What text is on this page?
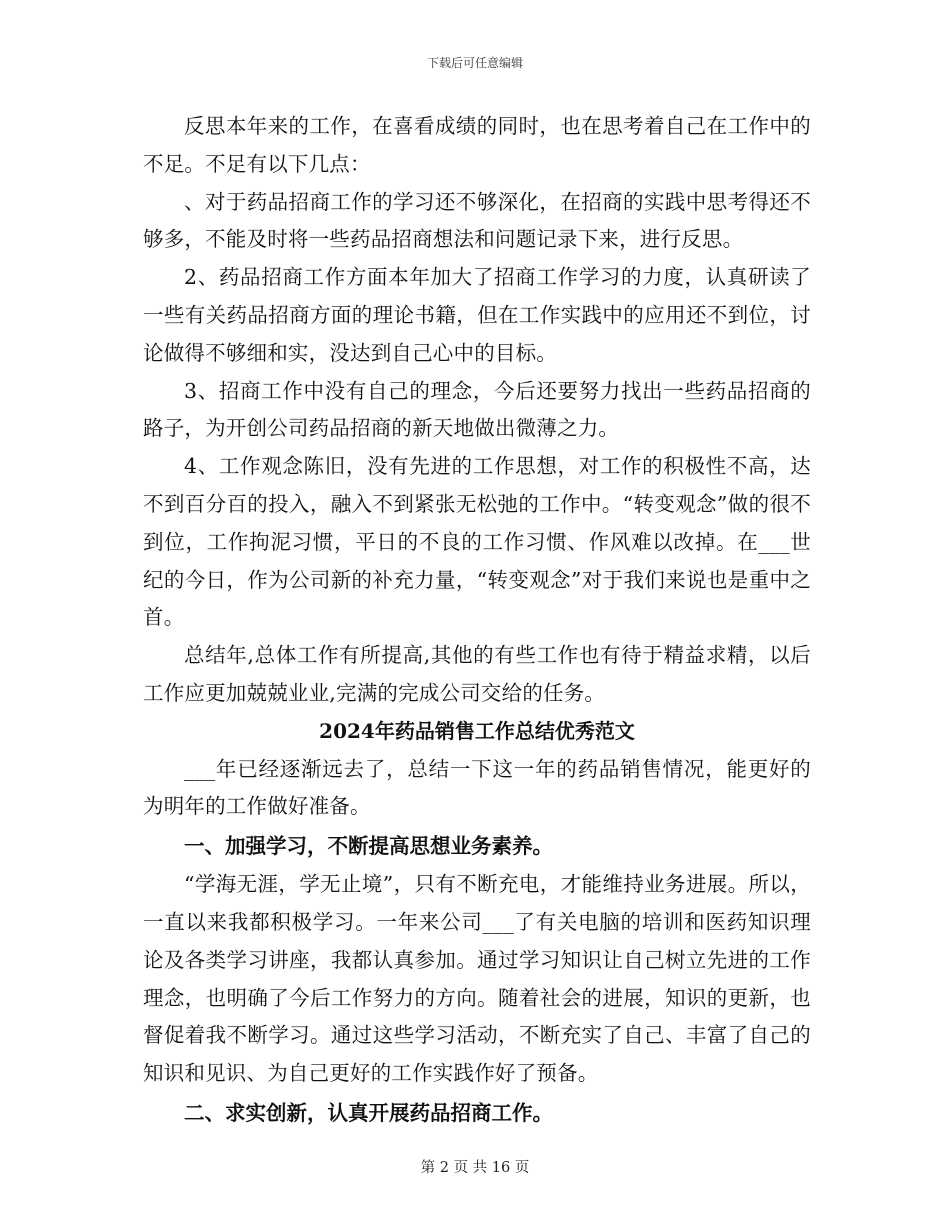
下载后可任意编辑

反思本年来的工作，在喜看成绩的同时，也在思考着自己在工作中的不足。不足有以下几点：

、对于药品招商工作的学习还不够深化，在招商的实践中思考得还不够多，不能及时将一些药品招商想法和问题记录下来，进行反思。

2、药品招商工作方面本年加大了招商工作学习的力度，认真研读了一些有关药品招商方面的理论书籍，但在工作实践中的应用还不到位，讨论做得不够细和实，没达到自己心中的目标。

3、招商工作中没有自己的理念，今后还要努力找出一些药品招商的路子，为开创公司药品招商的新天地做出微薄之力。

4、工作观念陈旧，没有先进的工作思想，对工作的积极性不高，达不到百分百的投入，融入不到紧张无松弛的工作中。“转变观念”做的很不到位，工作拘泥习惯，平日的不良的工作习惯、作风难以改掉。在___世纪的今日，作为公司新的补充力量，“转变观念”对于我们来说也是重中之首。

总结年,总体工作有所提高,其他的有些工作也有待于精益求精，以后工作应更加兢兢业业,完满的完成公司交给的任务。

2024年药品销售工作总结优秀范文

___年已经逐渐远去了，总结一下这一年的药品销售情况，能更好的为明年的工作做好准备。

一、加强学习，不断提高思想业务素养。

“学海无涯，学无止境”，只有不断充电，才能维持业务进展。所以，一直以来我都积极学习。一年来公司___了有关电脑的培训和医药知识理论及各类学习讲座，我都认真参加。通过学习知识让自己树立先进的工作理念，也明确了今后工作努力的方向。随着社会的进展，知识的更新，也督促着我不断学习。通过这些学习活动，不断充实了自己、丰富了自己的知识和见识、为自己更好的工作实践作好了预备。

二、求实创新，认真开展药品招商工作。
第 2 页 共 16 页
